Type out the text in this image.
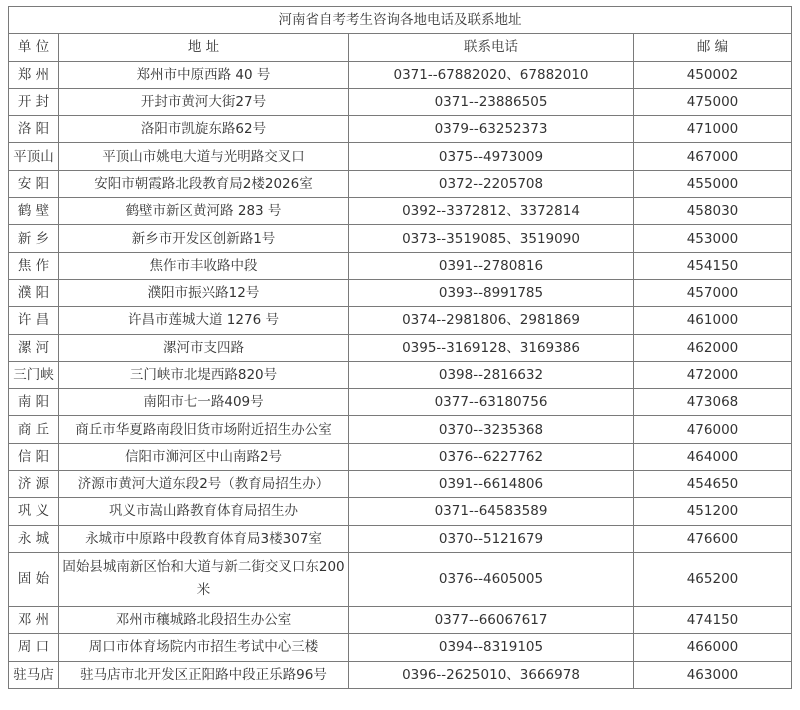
河南省自考考生咨询各地电话及联系地址			
单 位	地 址	联系电话	邮 编
郑 州	郑州市中原西路 40 号	0371--67882020、67882010	450002
开 封	开封市黄河大街27号	0371--23886505	475000
洛 阳	洛阳市凯旋东路62号	0379--63252373	471000
平顶山	平顶山市姚电大道与光明路交叉口	0375--4973009	467000
安 阳	安阳市朝霞路北段教育局2楼2026室	0372--2205708	455000
鹤 壁	鹤壁市新区黄河路 283 号	0392--3372812、3372814	458030
新 乡	新乡市开发区创新路1号	0373--3519085、3519090	453000
焦 作	焦作市丰收路中段	0391--2780816	454150
濮 阳	濮阳市振兴路12号	0393--8991785	457000
许 昌	许昌市莲城大道 1276 号	0374--2981806、2981869	461000
漯 河	漯河市支四路	0395--3169128、3169386	462000
三门峡	三门峡市北堤西路820号	0398--2816632	472000
南 阳	南阳市七一路409号	0377--63180756	473068
商 丘	商丘市华夏路南段旧货市场附近招生办公室	0370--3235368	476000
信 阳	信阳市浉河区中山南路2号	0376--6227762	464000
济 源	济源市黄河大道东段2号（教育局招生办）	0391--6614806	454650
巩 义	巩义市嵩山路教育体育局招生办	0371--64583589	451200
永 城	永城市中原路中段教育体育局3楼307室	0370--5121679	476600
固 始	固始县城南新区怡和大道与新二街交叉口东200米	0376--4605005	465200
邓 州	邓州市穰城路北段招生办公室	0377--66067617	474150
周 口	周口市体育场院内市招生考试中心三楼	0394--8319105	466000
驻马店	驻马店市北开发区正阳路中段正乐路96号	0396--2625010、3666978	463000
